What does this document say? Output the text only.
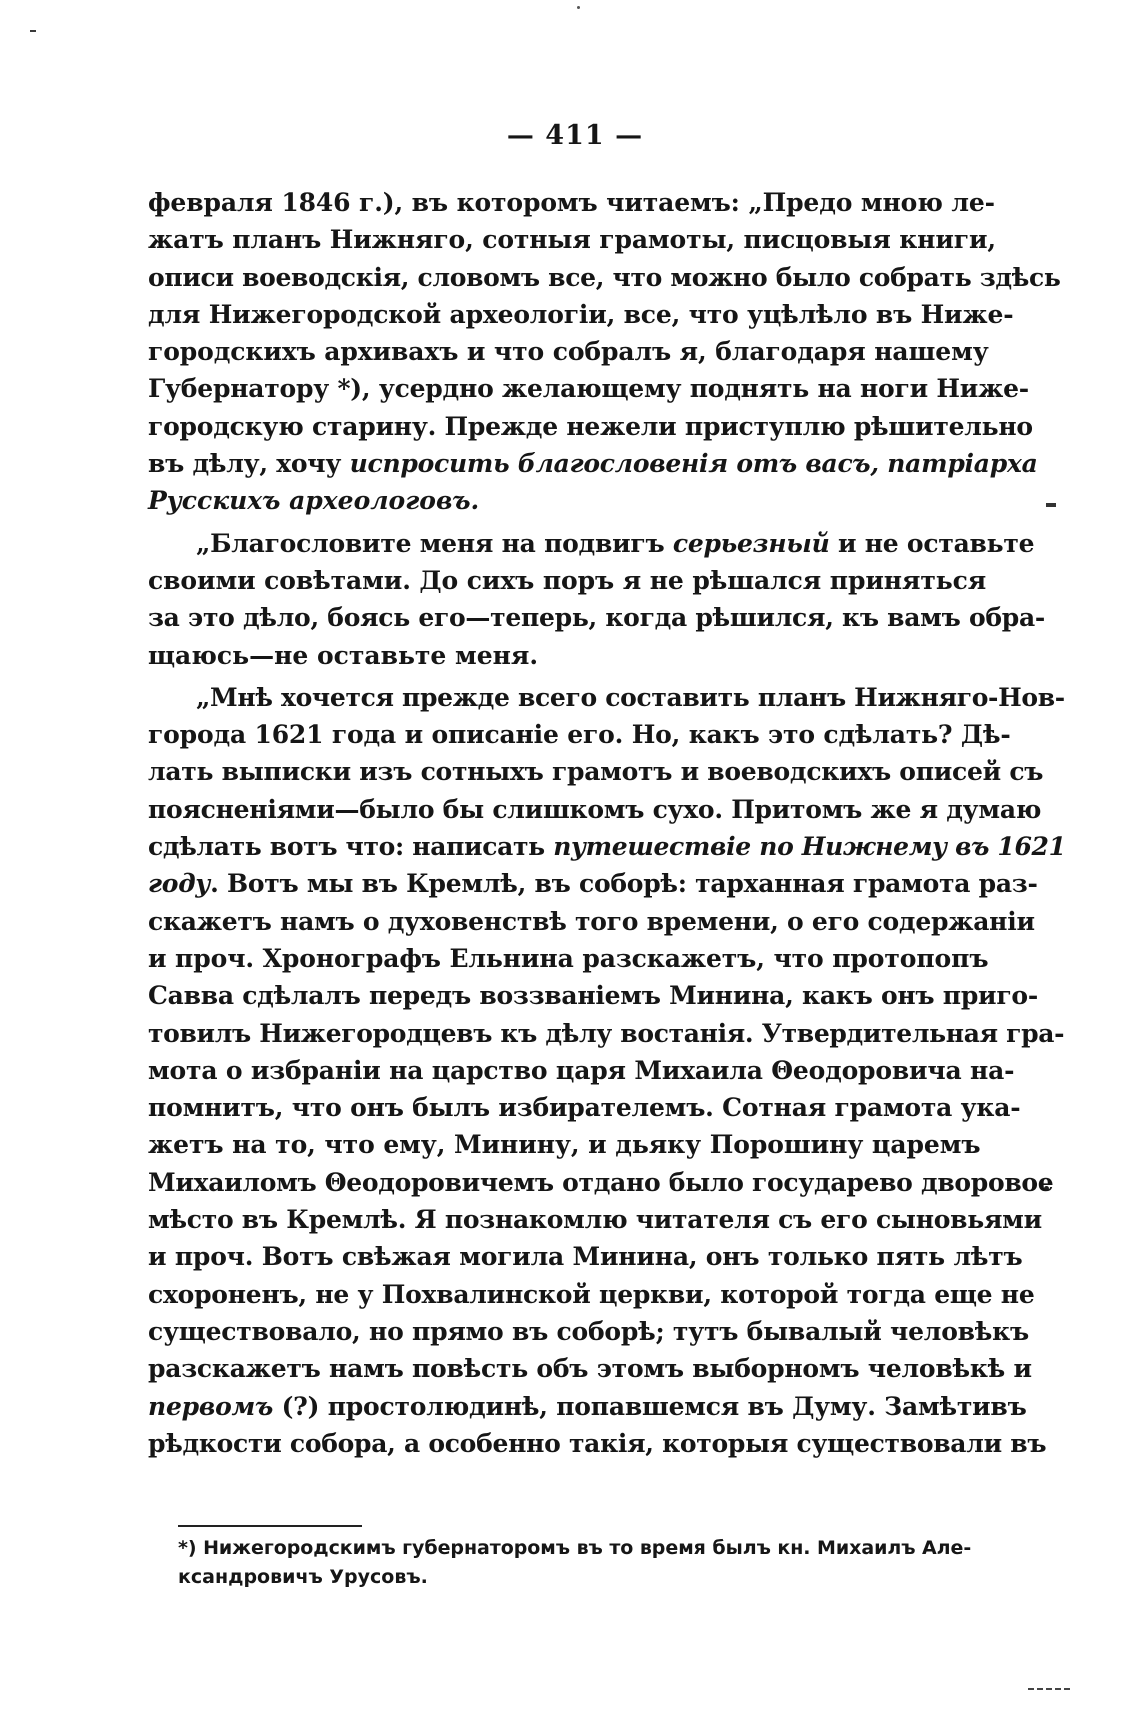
— 411 —
февраля 1846 г.), въ которомъ читаемъ: „Предо мною ле-
жатъ планъ Нижняго, сотныя грамоты, писцовыя книги,
описи воеводскія, словомъ все, что можно было собрать здѣсь
для Нижегородской археологіи, все, что уцѣлѣло въ Ниже-
городскихъ архивахъ и что собралъ я, благодаря нашему
Губернатору *), усердно желающему поднять на ноги Ниже-
городскую старину. Прежде нежели приступлю рѣшительно
въ дѣлу, хочу испросить благословенія отъ васъ, патріарха
Русскихъ археологовъ.
„Благословите меня на подвигъ серьезный и не оставьте
своими совѣтами. До сихъ поръ я не рѣшался приняться
за это дѣло, боясь его—теперь, когда рѣшился, къ вамъ обра-
щаюсь—не оставьте меня.
„Мнѣ хочется прежде всего составить планъ Нижняго-Нов-
города 1621 года и описаніе его. Но, какъ это сдѣлать? Дѣ-
лать выписки изъ сотныхъ грамотъ и воеводскихъ описей съ
поясненіями—было бы слишкомъ сухо. Притомъ же я думаю
сдѣлать вотъ что: написать путешествіе по Нижнему въ 1621
году. Вотъ мы въ Кремлѣ, въ соборѣ: тарханная грамота раз-
скажетъ намъ о духовенствѣ того времени, о его содержаніи
и проч. Хронографъ Ельнина разскажетъ, что протопопъ
Савва сдѣлалъ передъ воззваніемъ Минина, какъ онъ приго-
товилъ Нижегородцевъ къ дѣлу востанія. Утвердительная гра-
мота о избраніи на царство царя Михаила Θеодоровича на-
помнитъ, что онъ былъ избирателемъ. Сотная грамота ука-
жетъ на то, что ему, Минину, и дьяку Порошину царемъ
Михаиломъ Θеодоровичемъ отдано было государево дворовое
мѣсто въ Кремлѣ. Я познакомлю читателя съ его сыновьями
и проч. Вотъ свѣжая могила Минина, онъ только пять лѣтъ
схороненъ, не у Похвалинской церкви, которой тогда еще не
существовало, но прямо въ соборѣ; тутъ бывалый человѣкъ
разскажетъ намъ повѣсть объ этомъ выборномъ человѣкѣ и
первомъ (?) простолюдинѣ, попавшемся въ Думу. Замѣтивъ
рѣдкости собора, а особенно такія, которыя существовали въ
*) Нижегородскимъ губернаторомъ въ то время былъ кн. Михаилъ Але-
ксандровичъ Урусовъ.
